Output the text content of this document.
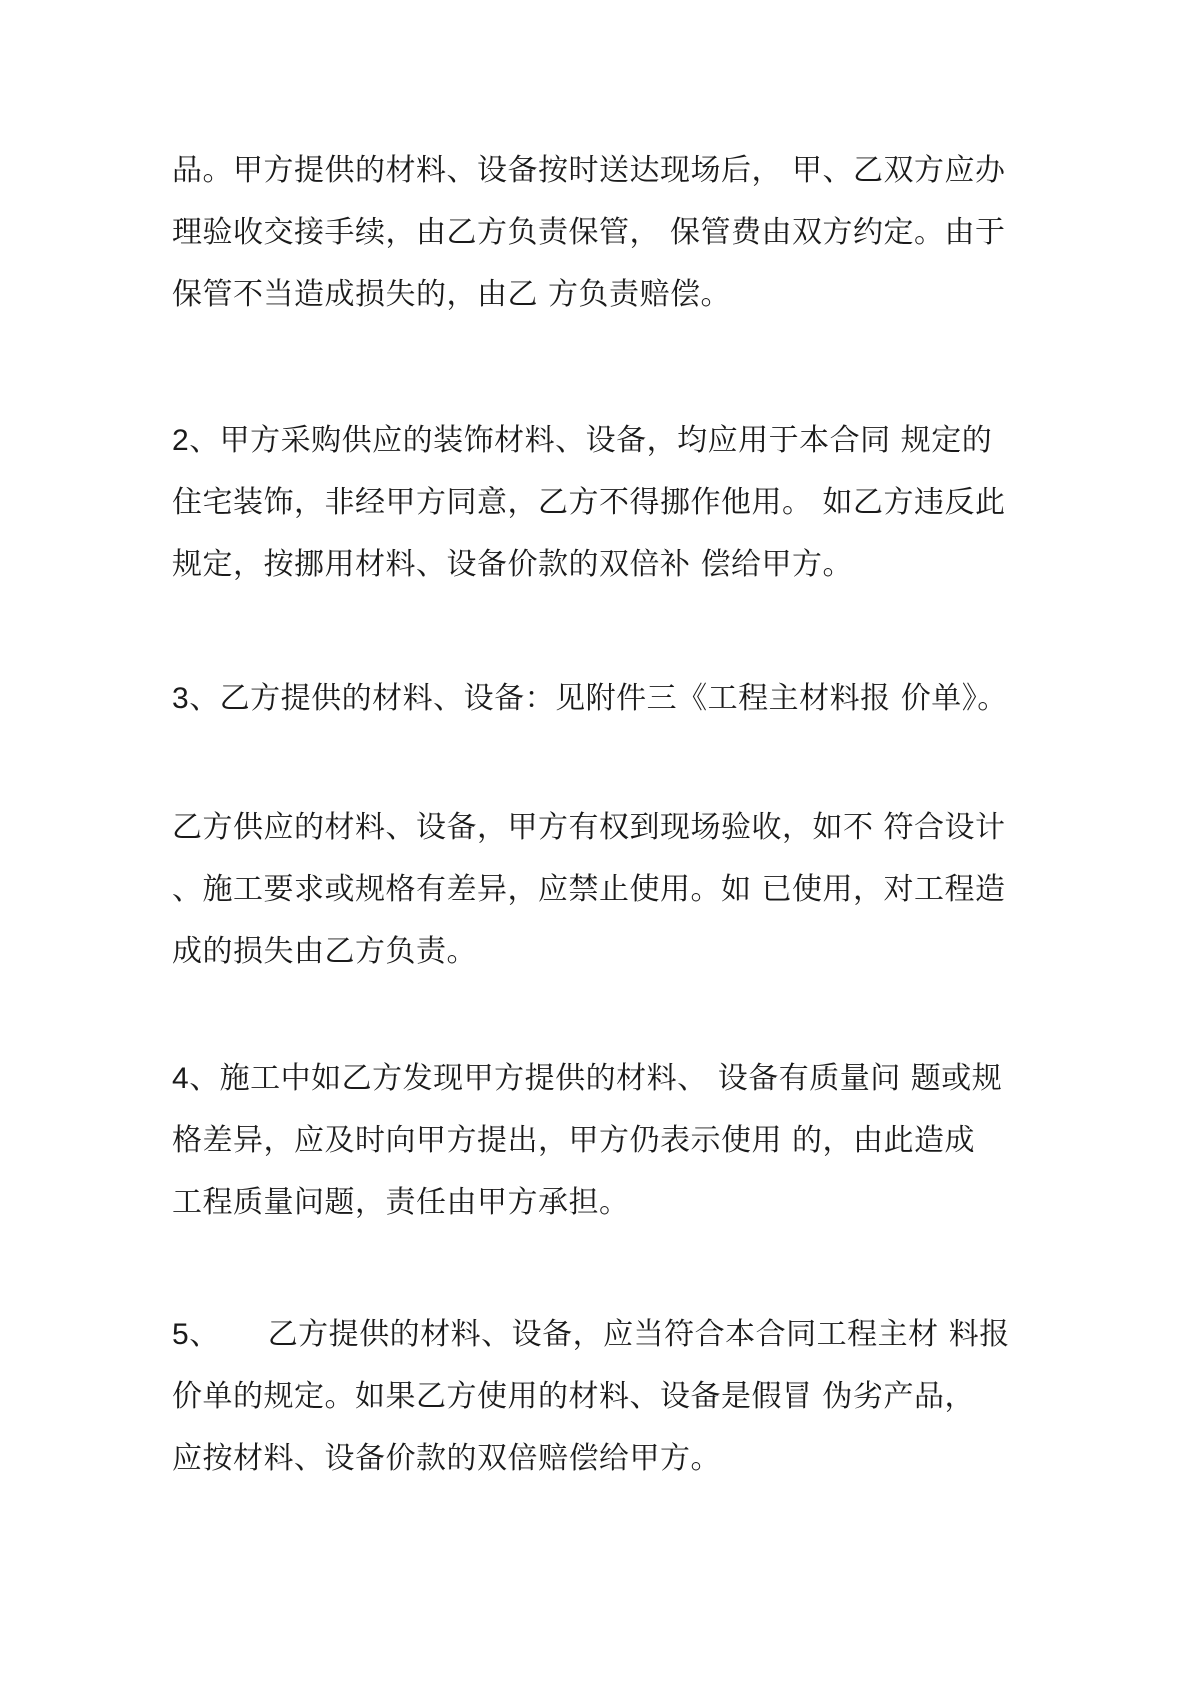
品。甲方提供的材料、设备按时送达现场后， 甲、乙双方应办
理验收交接手续，由乙方负责保管， 保管费由双方约定。由于
保管不当造成损失的，由乙 方负责赔偿。
2、甲方采购供应的装饰材料、设备，均应用于本合同 规定的
住宅装饰，非经甲方同意，乙方不得挪作他用。 如乙方违反此
规定，按挪用材料、设备价款的双倍补 偿给甲方。
3、乙方提供的材料、设备：见附件三《工程主材料报 价单》。
乙方供应的材料、设备，甲方有权到现场验收，如不 符合设计
、施工要求或规格有差异，应禁止使用。如 已使用，对工程造
成的损失由乙方负责。
4、施工中如乙方发现甲方提供的材料、 设备有质量问 题或规
格差异，应及时向甲方提出，甲方仍表示使用 的，由此造成
工程质量问题，责任由甲方承担。
5、 乙方提供的材料、设备，应当符合本合同工程主材 料报
价单的规定。如果乙方使用的材料、设备是假冒 伪劣产品，
应按材料、设备价款的双倍赔偿给甲方。
